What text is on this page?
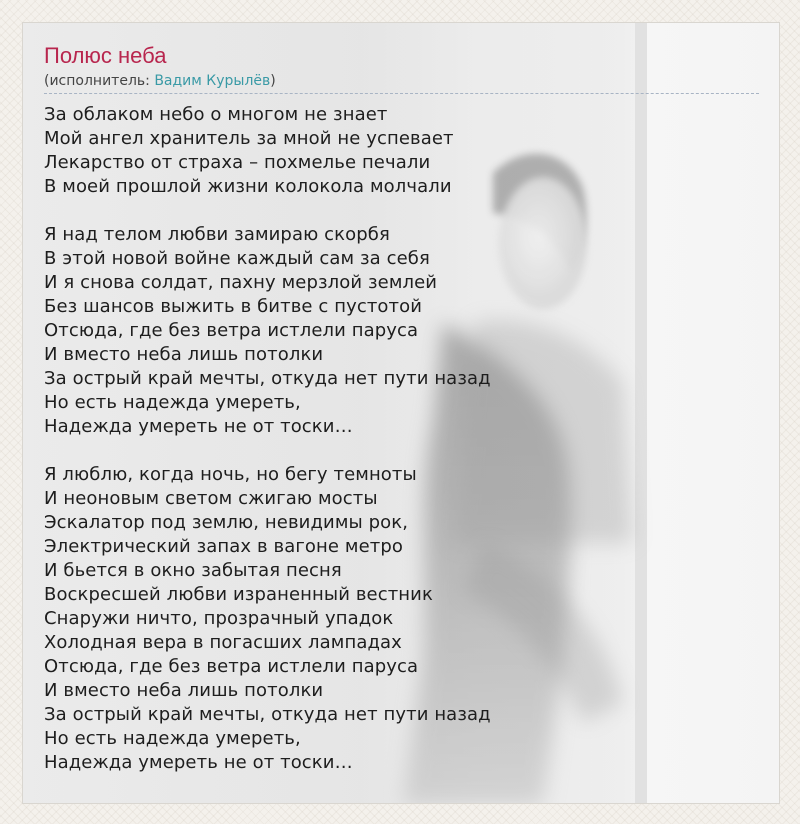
Полюс неба
(исполнитель: Вадим Курылёв)
За облаком небо о многом не знает
Мой ангел хранитель за мной не успевает
Лекарство от страха – похмелье печали
В моей прошлой жизни колокола молчали
Я над телом любви замираю скорбя
В этой новой войне каждый сам за себя
И я снова солдат, пахну мерзлой землей
Без шансов выжить в битве с пустотой
Отсюда, где без ветра истлели паруса
И вместо неба лишь потолки
За острый край мечты, откуда нет пути назад
Но есть надежда умереть,
Надежда умереть не от тоски…
Я люблю, когда ночь, но бегу темноты
И неоновым светом сжигаю мосты
Эскалатор под землю, невидимы рок,
Электрический запах в вагоне метро
И бьется в окно забытая песня
Воскресшей любви израненный вестник
Снаружи ничто, прозрачный упадок
Холодная вера в погасших лампадах
Отсюда, где без ветра истлели паруса
И вместо неба лишь потолки
За острый край мечты, откуда нет пути назад
Но есть надежда умереть,
Надежда умереть не от тоски…
